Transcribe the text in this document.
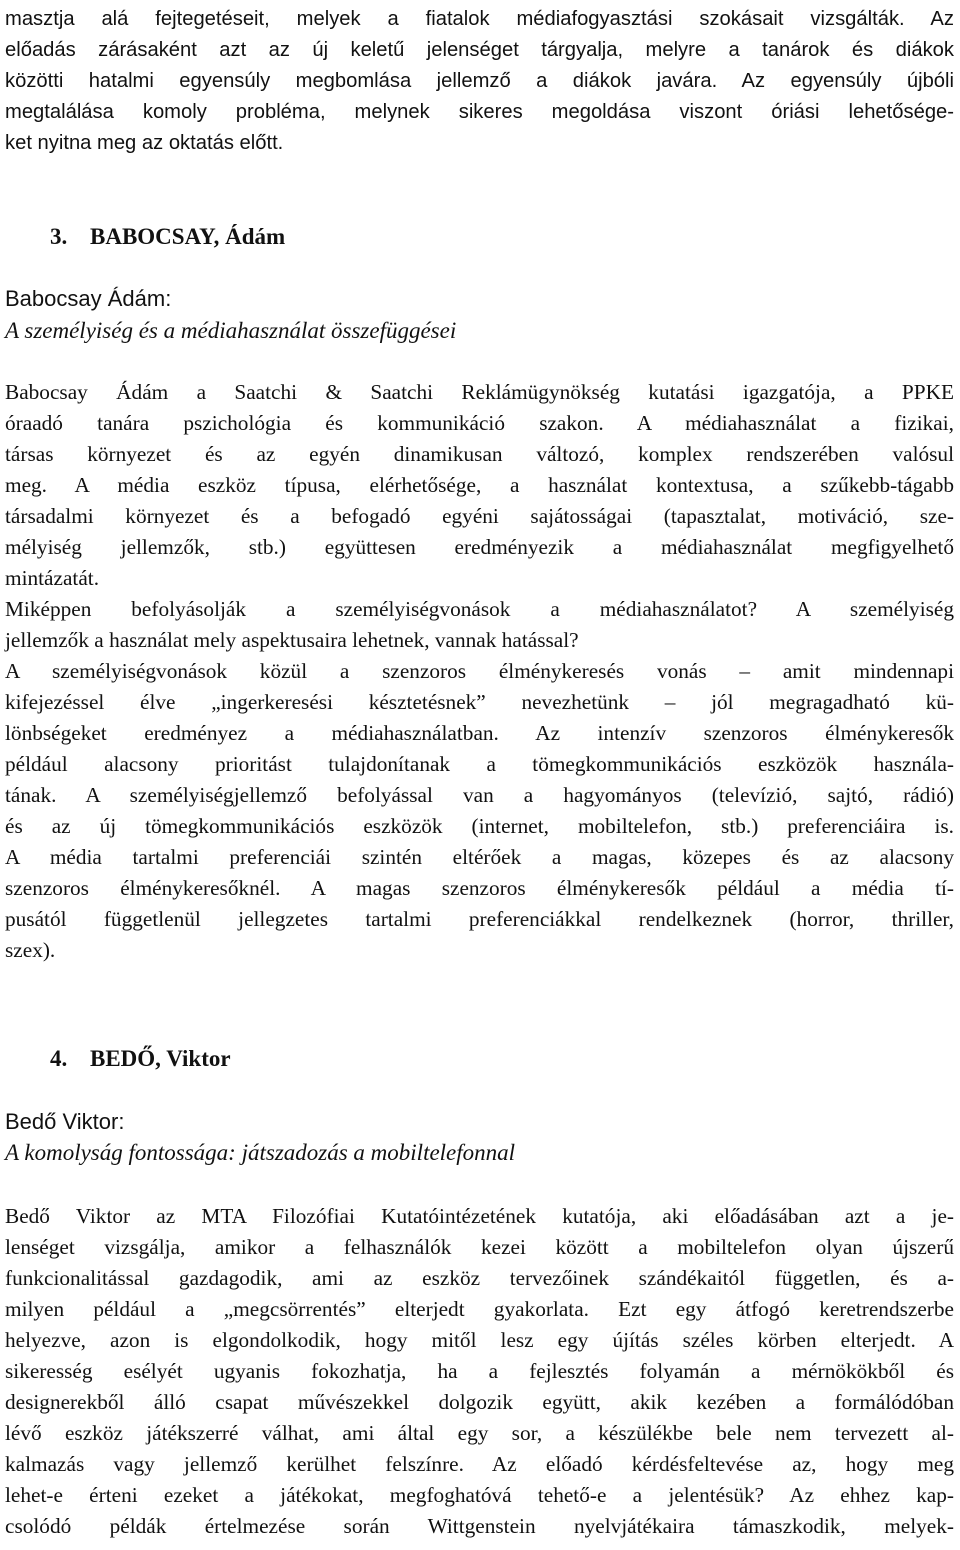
masztja alá fejtegetéseit, melyek a fiatalok médiafogyasztási szokásait vizsgálták. Az
előadás zárásaként azt az új keletű jelenséget tárgyalja, melyre a tanárok és diákok
közötti hatalmi egyensúly megbomlása jellemző a diákok javára. Az egyensúly újbóli
megtalálása komoly probléma, melynek sikeres megoldása viszont óriási lehetősége-
ket nyitna meg az oktatás előtt.
3. BABOCSAY, Ádám
Babocsay Ádám:
A személyiség és a médiahasználat összefüggései
Babocsay Ádám a Saatchi & Saatchi Reklámügynökség kutatási igazgatója, a PPKE
óraadó tanára pszichológia és kommunikáció szakon. A médiahasználat a fizikai,
társas környezet és az egyén dinamikusan változó, komplex rendszerében valósul
meg. A média eszköz típusa, elérhetősége, a használat kontextusa, a szűkebb-tágabb
társadalmi környezet és a befogadó egyéni sajátosságai (tapasztalat, motiváció, sze-
mélyiség jellemzők, stb.) együttesen eredményezik a médiahasználat megfigyelhető
mintázatát.
Miképpen befolyásolják a személyiségvonások a médiahasználatot? A személyiség
jellemzők a használat mely aspektusaira lehetnek, vannak hatással?
A személyiségvonások közül a szenzoros élménykeresés vonás – amit mindennapi
kifejezéssel élve „ingerkeresési késztetésnek” nevezhetünk – jól megragadható kü-
lönbségeket eredményez a médiahasználatban. Az intenzív szenzoros élménykeresők
például alacsony prioritást tulajdonítanak a tömegkommunikációs eszközök használa-
tának. A személyiségjellemző befolyással van a hagyományos (televízió, sajtó, rádió)
és az új tömegkommunikációs eszközök (internet, mobiltelefon, stb.) preferenciáira is.
A média tartalmi preferenciái szintén eltérőek a magas, közepes és az alacsony
szenzoros élménykeresőknél. A magas szenzoros élménykeresők például a média tí-
pusától függetlenül jellegzetes tartalmi preferenciákkal rendelkeznek (horror, thriller,
szex).
4. BEDŐ, Viktor
Bedő Viktor:
A komolyság fontossága: játszadozás a mobiltelefonnal
Bedő Viktor az MTA Filozófiai Kutatóintézetének kutatója, aki előadásában azt a je-
lenséget vizsgálja, amikor a felhasználók kezei között a mobiltelefon olyan újszerű
funkcionalitással gazdagodik, ami az eszköz tervezőinek szándékaitól független, és a-
milyen például a „megcsörrentés” elterjedt gyakorlata. Ezt egy átfogó keretrendszerbe
helyezve, azon is elgondolkodik, hogy mitől lesz egy újítás széles körben elterjedt. A
sikeresség esélyét ugyanis fokozhatja, ha a fejlesztés folyamán a mérnökökből és
designerekből álló csapat művészekkel dolgozik együtt, akik kezében a formálódóban
lévő eszköz játékszerré válhat, ami által egy sor, a készülékbe bele nem tervezett al-
kalmazás vagy jellemző kerülhet felszínre. Az előadó kérdésfeltevése az, hogy meg
lehet-e érteni ezeket a játékokat, megfoghatóvá tehető-e a jelentésük? Az ehhez kap-
csolódó példák értelmezése során Wittgenstein nyelvjátékaira támaszkodik, melyek-
